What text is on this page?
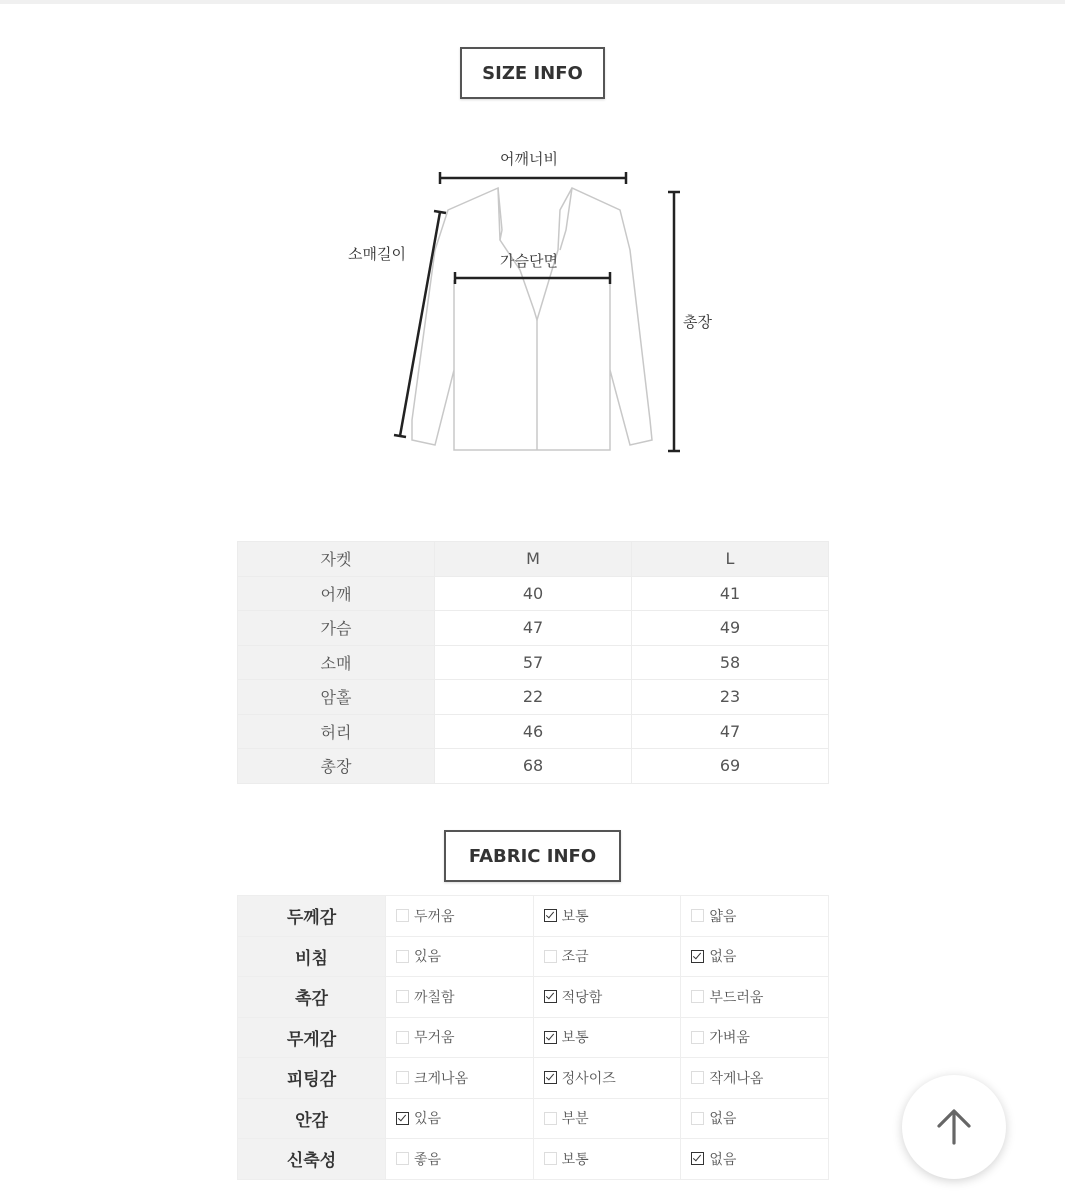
SIZE INFO
어깨너비
가슴단면
소매길이
총장
자켓	M	L
어깨	40	41
가슴	47	49
소매	57	58
암홀	22	23
허리	46	47
총장	68	69
FABRIC INFO
두께감	두꺼움	보통	얇음

비침	있음	조금	없음

촉감	까칠함	적당함	부드러움

무게감	무거움	보통	가벼움

피팅감	크게나옴	정사이즈	작게나옴

안감	있음	부분	없음

신축성	좋음	보통	없음
